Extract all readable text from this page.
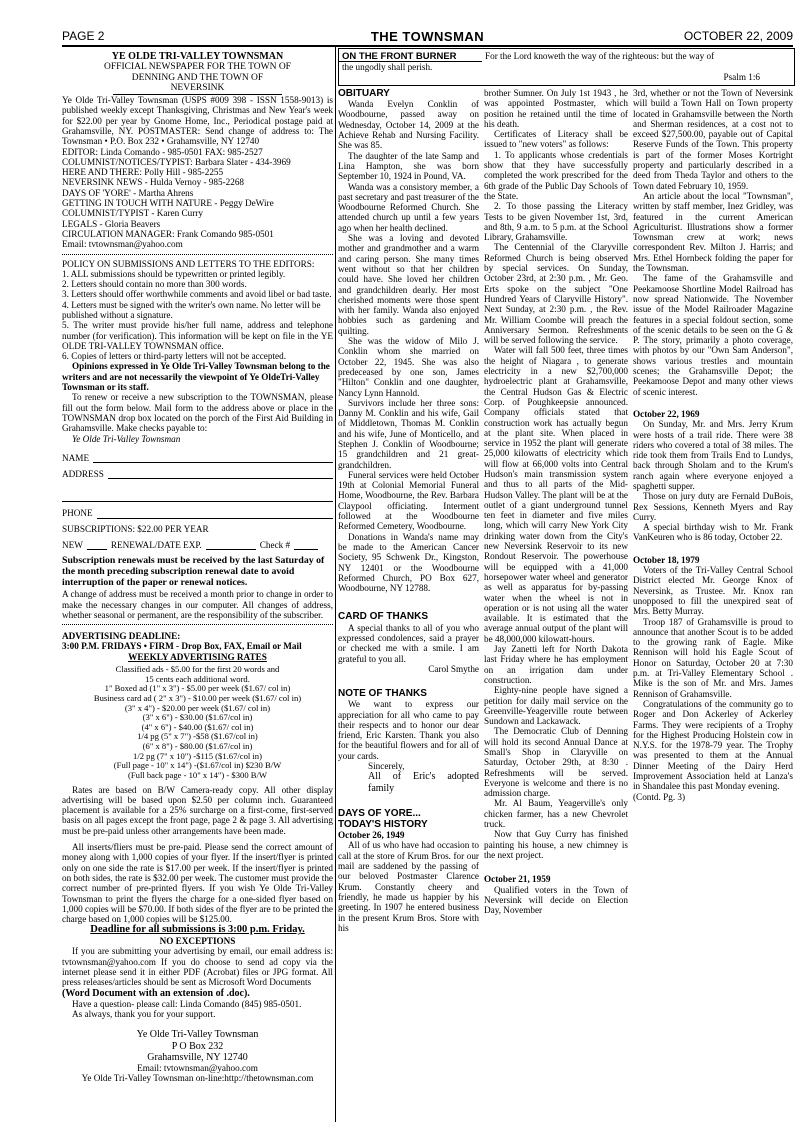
PAGE 2	THE TOWNSMAN	OCTOBER 22, 2009
YE OLDE TRI-VALLEY TOWNSMAN
OFFICIAL NEWSPAPER FOR THE TOWN OF
DENNING AND THE TOWN OF NEVERSINK

Ye Olde Tri-Valley Townsman (USPS #009 398 - ISSN 1558-9013) is published weekly except Thanksgiving, Christmas and New Year's week for $22.00 per year by Gnome Home, Inc., Periodical postage paid at Grahamsville, NY. POSTMASTER: Send change of address to: The Townsman • P.O. Box 232 • Grahamsville, NY 12740

EDITOR: Linda Comando - 985-0501 FAX: 985-2527

COLUMNIST/NOTICES/TYPIST: Barbara Slater - 434-3969

HERE AND THERE: Polly Hill - 985-2255

NEVERSINK NEWS - Hulda Vernoy - 985-2268

DAYS OF 'YORE' - Martha Ahrens

GETTING IN TOUCH WITH NATURE - Peggy DeWire

COLUMNIST/TYPIST - Karen Curry

LEGALS - Gloria Beavers

CIRCULATION MANAGER: Frank Comando 985-0501

Email: tvtownsman@yahoo.com

POLICY ON SUBMISSIONS AND LETTERS TO THE EDITORS:

1. ALL submissions should be typewritten or printed legibly.

2. Letters should contain no more than 300 words.

3. Letters should offer worthwhile comments and avoid libel or bad taste.

4. Letters must be signed with the writer's own name. No letter will be published without a signature.

5. The writer must provide his/her full name, address and telephone number (for verification). This information will be kept on file in the YE OLDE TRI-VALLEY TOWNSMAN office.

6. Copies of letters or third-party letters will not be accepted.

Opinions expressed in Ye Olde Tri-Valley Townsman belong to the writers and are not necessarily the viewpoint of Ye OldeTri-Valley Townsman or its staff.

To renew or receive a new subscription to the TOWNSMAN, please fill out the form below. Mail form to the address above or place in the TOWNSMAN drop box located on the porch of the First Aid Building in Grahamsville. Make checks payable to:

Ye Olde Tri-Valley Townsman

NAME
ADDRESS
PHONE

SUBSCRIPTIONS: $22.00 PER YEAR

NEW	RENEWAL/DATE EXP.	Check #

Subscription renewals must be received by the last Saturday of the month preceding subscription renewal date to avoid interruption of the paper or renewal notices.

A change of address must be received a month prior to change in order to make the necessary changes in our computer. All changes of address, whether seasonal or permanent, are the responsibility of the subscriber.

ADVERTISING DEADLINE:

3:00 P.M. FRIDAYS • FIRM - Drop Box, FAX, Email or Mail

WEEKLY ADVERTISING RATES

Classified ads - $5.00 for the first 20 words and

15 cents each additional word.

1" Boxed ad (1" x 3") - $5.00 per week ($1.67/ col in)

Business card ad ( 2" x 3") - $10.00 per week ($1.67/ col in)

(3" x 4") - $20.00 per week ($1.67/ col in)

(3" x 6") - $30.00 ($1.67/col in)

(4" x 6") - $40.00 ($1.67/ col in)

1/4 pg (5" x 7") -$58 ($1.67/col in)

(6" x 8") - $80.00 ($1.67/col in)

1/2 pg (7" x 10") -$115 ($1.67/col in)

(Full page - 10" x 14") -($1.67/col in) $230 B/W

(Full back page - 10" x 14") - $300 B/W

Rates are based on B/W Camera-ready copy. All other display advertising will be based upon $2.50 per column inch. Guaranteed placement is available for a 25% surcharge on a first-come, first-served basis on all pages except the front page, page 2 & page 3. All advertising must be pre-paid unless other arrangements have been made.

All inserts/fliers must be pre-paid. Please send the correct amount of money along with 1,000 copies of your flyer. If the insert/flyer is printed only on one side the rate is $17.00 per week. If the insert/flyer is printed on both sides, the rate is $32.00 per week. The customer must provide the correct number of pre-printed flyers. If you wish Ye Olde Tri-Valley Townsman to print the flyers the charge for a one-sided flyer based on 1,000 copies will be $70.00. If both sides of the flyer are to be printed the charge based on 1,000 copies will be $125.00.

Deadline for all submissions is 3:00 p.m. Friday.

NO EXCEPTIONS

If you are submitting your advertising by email, our email address is: tvtownsman@yahoo.com If you do choose to send ad copy via the internet please send it in either PDF (Acrobat) files or JPG format. All press releases/articles should be sent as Microsoft Word Documents

(Word Document with an extension of .doc).

Have a question- please call: Linda Comando (845) 985-0501.

As always, thank you for your support.

Ye Olde Tri-Valley Townsman

P O Box 232

Grahamsville, NY 12740

Email: tvtownsman@yahoo.com

Ye Olde Tri-Valley Townsman on-line:http://thetownsman.com

ON THE FRONT BURNER
the ungodly shall perish.
For the Lord knoweth the way of the righteous: but the way of
Psalm 1:6

OBITUARY

Wanda Evelyn Conklin of Woodbourne, passed away on Wednesday, October 14, 2009 at the Achieve Rehab and Nursing Facility. She was 85.

The daughter of the late Samp and Lina Hampton, she was born September 10, 1924 in Pound, VA.

Wanda was a consistory member, a past secretary and past treasurer of the Woodbourne Reformed Church. She attended church up until a few years ago when her health declined.

She was a loving and devoted mother and grandmother and a warm and caring person. She many times went without so that her children could have. She loved her children and grandchildren dearly. Her most cherished moments were those spent with her family. Wanda also enjoyed hobbies such as gardening and quilting.

She was the widow of Milo J. Conklin whom she married on October 22, 1945. She was also predeceased by one son, James "Hilton" Conklin and one daughter, Nancy Lynn Hannold.

Survivors include her three sons: Danny M. Conklin and his wife, Gail of Middletown, Thomas M. Conklin and his wife, June of Monticello, and Stephen J. Conklin of Woodbourne; 15 grandchildren and 21 great-grandchildren.

Funeral services were held October 19th at Colonial Memorial Funeral Home, Woodbourne, the Rev. Barbara Claypool officiating. Interment followed at the Woodbourne Reformed Cemetery, Woodbourne.

Donations in Wanda's name may be made to the American Cancer Society, 95 Schwenk Dr., Kingston, NY 12401 or the Woodbourne Reformed Church, PO Box 627, Woodbourne, NY 12788.

CARD OF THANKS

A special thanks to all of you who expressed condolences, said a prayer or checked me with a smile. I am grateful to you all.

Carol Smythe

NOTE OF THANKS

We want to express our appreciation for all who came to pay their respects and to honor our dear friend, Eric Karsten. Thank you also for the beautiful flowers and for all of your cards.

Sincerely,

All of Eric's adopted family

DAYS OF YORE...

TODAY'S HISTORY

October 26, 1949

All of us who have had occasion to call at the store of Krum Bros. for our mail are saddened by the passing of our beloved Postmaster Clarence Krum. Constantly cheery and friendly, he made us happier by his greeting. In 1907 he entered business in the present Krum Bros. Store with his

brother Sumner. On July 1st 1943 , he was appointed Postmaster, which position he retained until the time of his death.

Certificates of Literacy shall be issued to "new voters" as follows:

1. To applicants whose credentials show that they have successfully completed the work prescribed for the 6th grade of the Public Day Schools of the State.

2. To those passing the Literacy Tests to be given November 1st, 3rd, and 8th, 9 a.m. to 5 p.m. at the School Library, Grahamsville.

The Centennial of the Claryville Reformed Church is being observed by special services. On Sunday, October 23rd, at 2:30 p.m. , Mr. Geo. Erts spoke on the subject "One Hundred Years of Claryville History". Next Sunday, at 2:30 p.m. , the Rev. Mr. William Coombe will preach the Anniversary Sermon. Refreshments will be served following the service.

Water will fall 500 feet, three times the height of Niagara , to generate electricity in a new $2,700,000 hydroelectric plant at Grahamsville, the Central Hudson Gas & Electric Corp. of Poughkeepsie announced. Company officials stated that construction work has actually begun at the plant site. When placed in service in 1952 the plant will generate 25,000 kilowatts of electricity which will flow at 66,000 volts into Central Hudson's main transmission system and thus to all parts of the Mid- Hudson Valley. The plant will be at the outlet of a giant underground tunnel ten feet in diameter and five miles long, which will carry New York City drinking water down from the City's new Neversink Reservoir to its new Rondout Reservoir. The powerhouse will be equipped with a 41,000 horsepower water wheel and generator as well as apparatus for by-passing water when the wheel is not in operation or is not using all the water available. It is estimated that the average annual output of the plant will be 48,000,000 kilowatt-hours.

Jay Zanetti left for North Dakota last Friday where he has employment on an irrigation dam under construction.

Eighty-nine people have signed a petition for daily mail service on the Greenville-Yeagerville route between Sundown and Lackawack.

The Democratic Club of Denning will hold its second Annual Dance at Small's Shop in Claryville on Saturday, October 29th, at 8:30 . Refreshments will be served. Everyone is welcome and there is no admission charge.

Mr. Al Baum, Yeagerville's only chicken farmer, has a new Chevrolet truck.

Now that Guy Curry has finished painting his house, a new chimney is the next project.

October 21, 1959

Qualified voters in the Town of Neversink will decide on Election Day, November

3rd, whether or not the Town of Neversink will build a Town Hall on Town property located in Grahamsville between the North and Sherman residences, at a cost not to exceed $27,500.00, payable out of Capital Reserve Funds of the Town. This property is part of the former Moses Kortright property and particularly described in a deed from Theda Taylor and others to the Town dated February 10, 1959.

An article about the local "Townsman", written by staff member, Inez Gridley, was featured in the current American Agriculturist. Illustrations show a former Townsman crew at work; news correspondent Rev. Milton J. Harris; and Mrs. Ethel Hornbeck folding the paper for the Townsman.

The fame of the Grahamsville and Peekamoose Shortline Model Railroad has now spread Nationwide. The November issue of the Model Railroader Magazine features in a special foldout section, some of the scenic details to be seen on the G & P. The story, primarily a photo coverage, with photos by our "Own Sam Anderson", shows various trestles and mountain scenes; the Grahamsville Depot; the Peekamoose Depot and many other views of scenic interest.

October 22, 1969

On Sunday, Mr. and Mrs. Jerry Krum were hosts of a trail ride. There were 38 riders who covered a total of 38 miles. The ride took them from Trails End to Lundys, back through Sholam and to the Krum's ranch again where everyone enjoyed a spaghetti supper.

Those on jury duty are Fernald DuBois, Rex Sessions, Kenneth Myers and Ray Curry.

A special birthday wish to Mr. Frank VanKeuren who is 86 today, October 22.

October 18, 1979

Voters of the Tri-Valley Central School District elected Mr. George Knox of Neversink, as Trustee. Mr. Knox ran unopposed to fill the unexpired seat of Mrs. Betty Murray.

Troop 187 of Grahamsville is proud to announce that another Scout is to be added to the growing rank of Eagle. Mike Rennison will hold his Eagle Scout of Honor on Saturday, October 20 at 7:30 p.m. at Tri-Valley Elementary School . Mike is the son of Mr. and Mrs. James Rennison of Grahamsville.

Congratulations of the community go to Roger and Don Ackerley of Ackerley Farms. They were recipients of a Trophy for the Highest Producing Holstein cow in N.Y.S. for the 1978-79 year. The Trophy was presented to them at the Annual Dinner Meeting of the Dairy Herd Improvement Association held at Lanza's in Shandalee this past Monday evening.

(Contd. Pg. 3)
